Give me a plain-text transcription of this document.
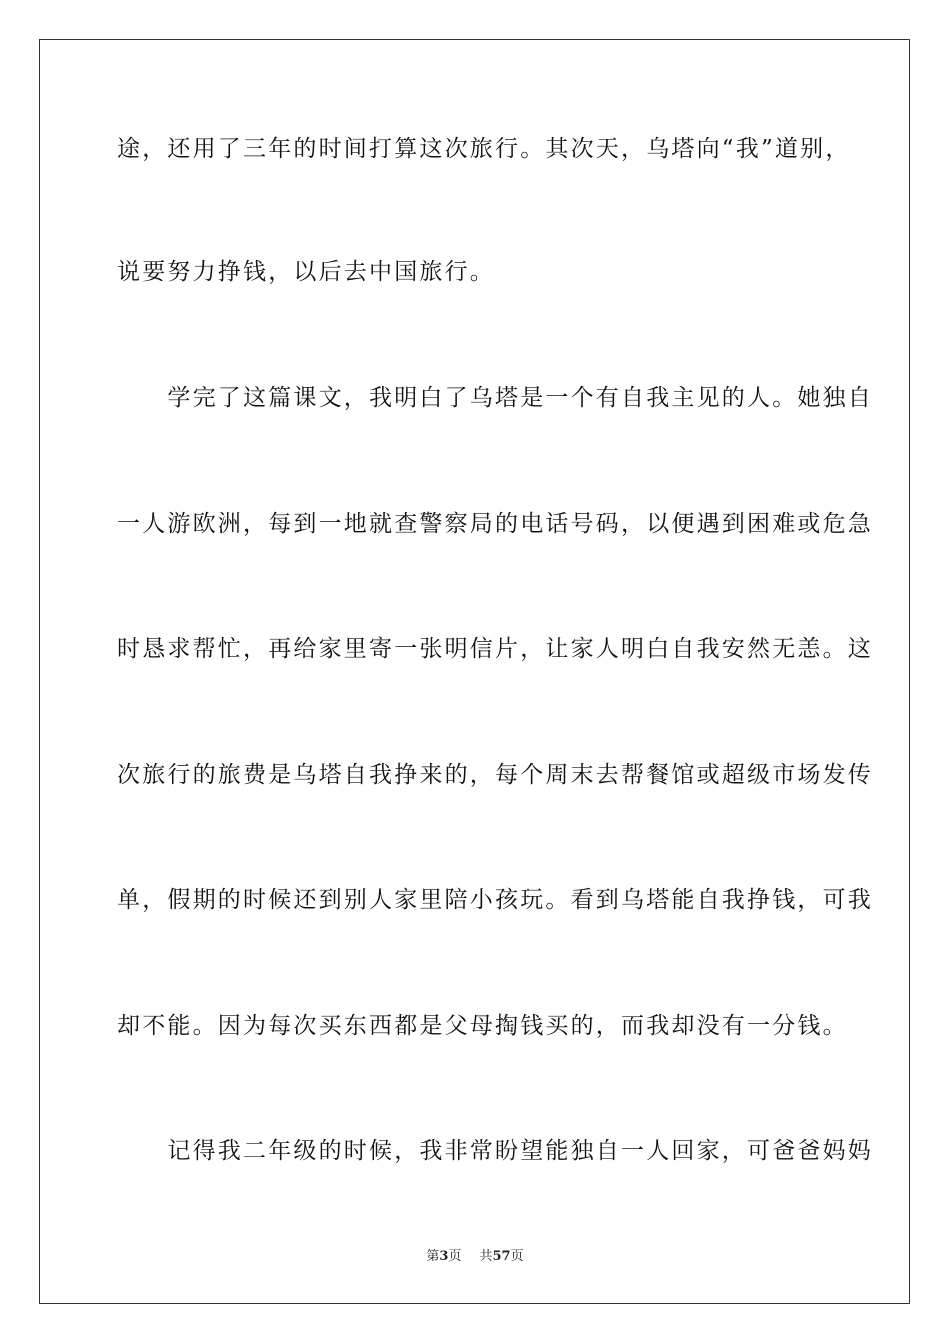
途，还用了三年的时间打算这次旅行。其次天，乌塔向“我”道别，
说要努力挣钱，以后去中国旅行。
　　学完了这篇课文，我明白了乌塔是一个有自我主见的人。她独自
一人游欧洲，每到一地就查警察局的电话号码，以便遇到困难或危急
时恳求帮忙，再给家里寄一张明信片，让家人明白自我安然无恙。这
次旅行的旅费是乌塔自我挣来的，每个周末去帮餐馆或超级市场发传
单，假期的时候还到别人家里陪小孩玩。看到乌塔能自我挣钱，可我
却不能。因为每次买东西都是父母掏钱买的，而我却没有一分钱。
　　记得我二年级的时候，我非常盼望能独自一人回家，可爸爸妈妈
第3页 共57页
